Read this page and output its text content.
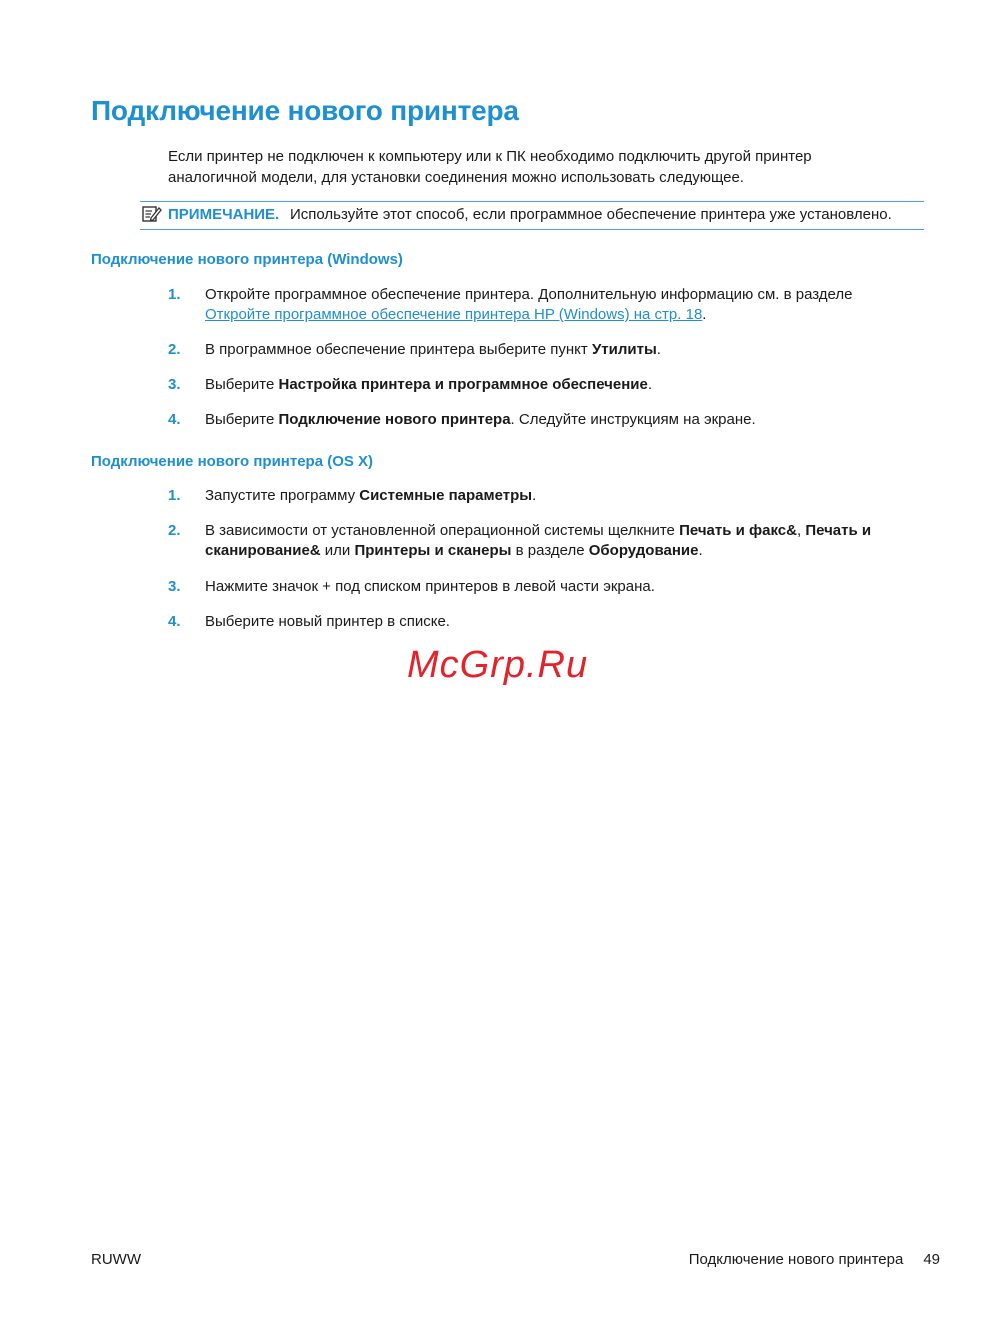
Подключение нового принтера

Если принтер не подключен к компьютеру или к ПК необходимо подключить другой принтер
аналогичной модели, для установки соединения можно использовать следующее.

ПРИМЕЧАНИЕ. Используйте этот способ, если программное обеспечение принтера уже установлено.
Подключение нового принтера (Windows)
1. Откройте программное обеспечение принтера. Дополнительную информацию см. в разделе
Откройте программное обеспечение принтера HP (Windows) на стр. 18.
2. В программное обеспечение принтера выберите пункт Утилиты.
3. Выберите Настройка принтера и программное обеспечение.
4. Выберите Подключение нового принтера. Следуйте инструкциям на экране.
Подключение нового принтера (OS X)
1. Запустите программу Системные параметры.
2. В зависимости от установленной операционной системы щелкните Печать и факс&, Печать и сканирование& или Принтеры и сканеры в разделе Оборудование.
3. Нажмите значок + под списком принтеров в левой части экрана.
4. Выберите новый принтер в списке.
McGrp.Ru
RUWW	Подключение нового принтера 49
